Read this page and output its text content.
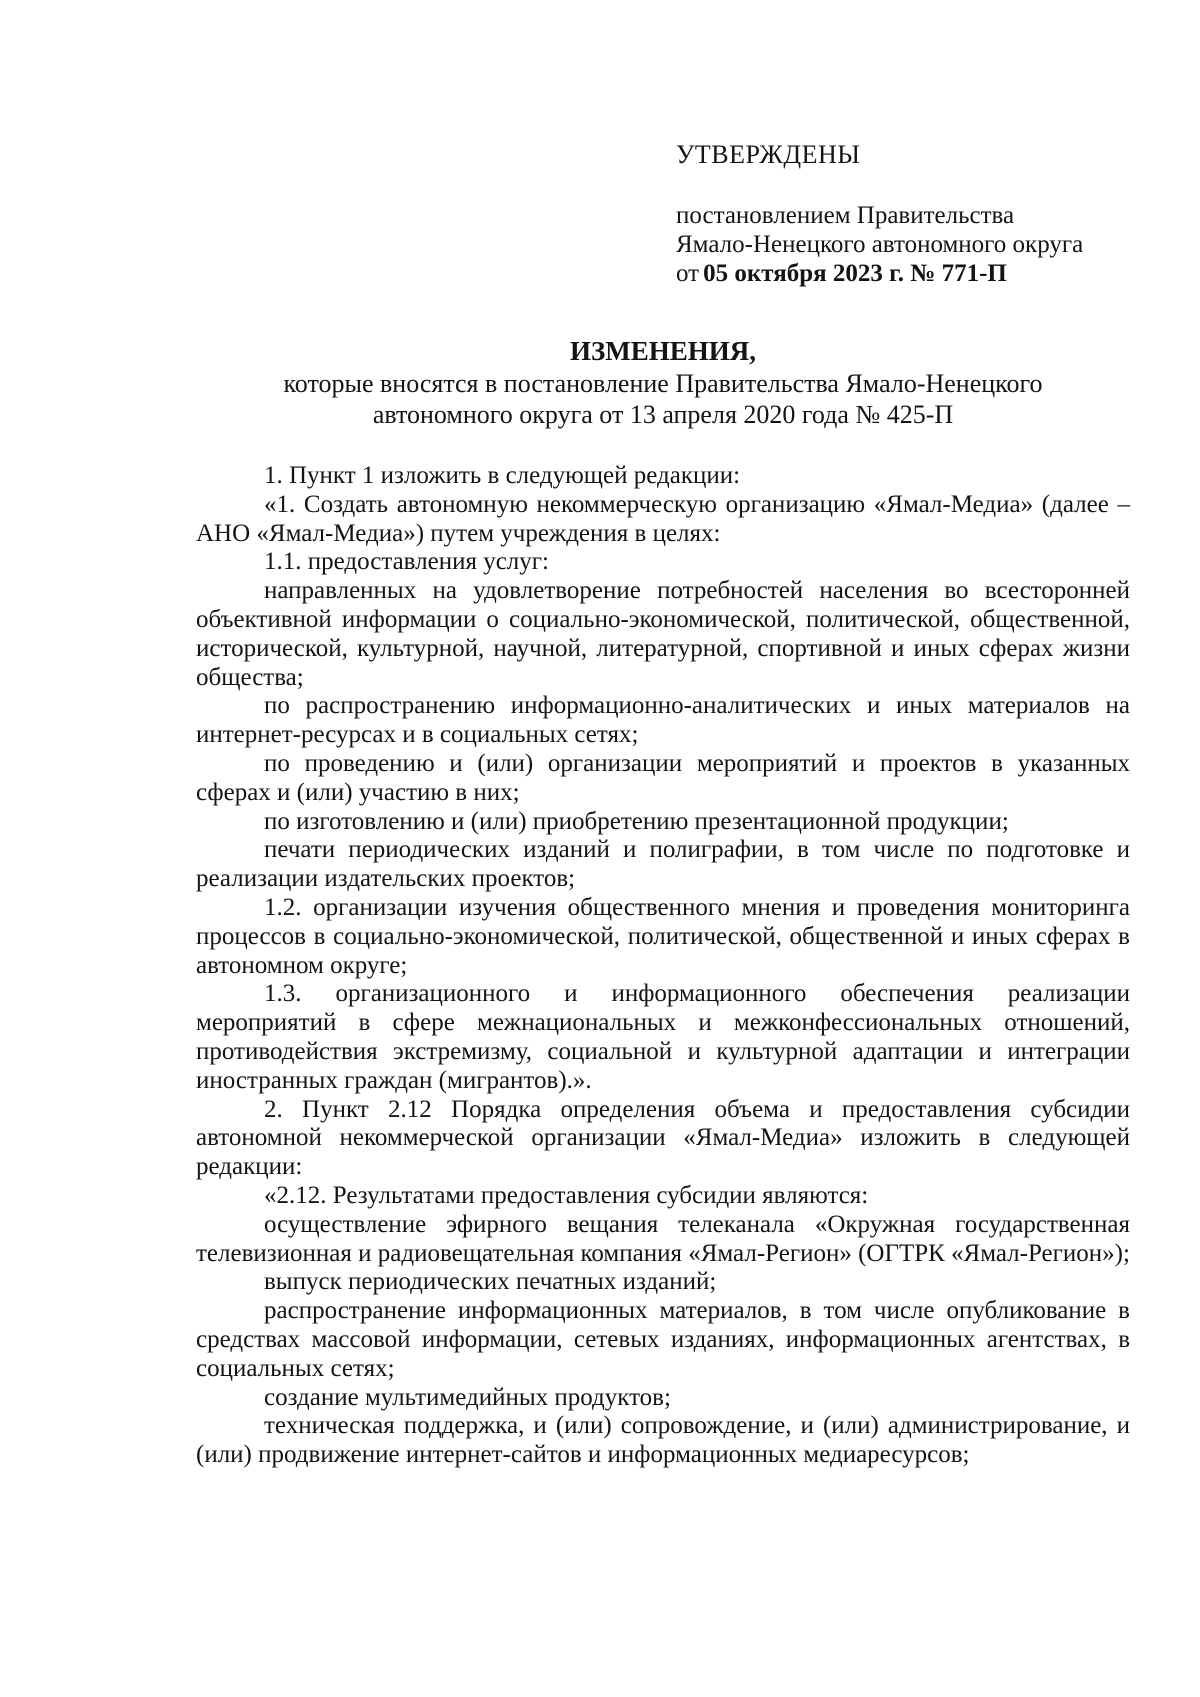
УТВЕРЖДЕНЫ
постановлением Правительства
Ямало-Ненецкого автономного округа
от 05 октября 2023 г. № 771-П
ИЗМЕНЕНИЯ,
которые вносятся в постановление Правительства Ямало-Ненецкого
автономного округа от 13 апреля 2020 года № 425-П

1. Пункт 1 изложить в следующей редакции:

«1. Создать автономную некоммерческую организацию «Ямал-Медиа» (далее – АНО «Ямал-Медиа») путем учреждения в целях:

1.1. предоставления услуг:

направленных на удовлетворение потребностей населения во всесторонней объективной информации о социально-экономической, политической, общественной, исторической, культурной, научной, литературной, спортивной и иных сферах жизни общества;

по распространению информационно-аналитических и иных материалов на интернет-ресурсах и в социальных сетях;

по проведению и (или) организации мероприятий и проектов в указанных сферах и (или) участию в них;

по изготовлению и (или) приобретению презентационной продукции;

печати периодических изданий и полиграфии, в том числе по подготовке и реализации издательских проектов;

1.2. организации изучения общественного мнения и проведения мониторинга процессов в социально-экономической, политической, общественной и иных сферах в автономном округе;

1.3. организационного и информационного обеспечения реализации мероприятий в сфере межнациональных и межконфессиональных отношений, противодействия экстремизму, социальной и культурной адаптации и интеграции иностранных граждан (мигрантов).».

2. Пункт 2.12 Порядка определения объема и предоставления субсидии автономной некоммерческой организации «Ямал-Медиа» изложить в следующей редакции:

«2.12. Результатами предоставления субсидии являются:

осуществление эфирного вещания телеканала «Окружная государственная телевизионная и радиовещательная компания «Ямал-Регион» (ОГТРК «Ямал-Регион»);

выпуск периодических печатных изданий;

распространение информационных материалов, в том числе опубликование в средствах массовой информации, сетевых изданиях, информационных агентствах, в социальных сетях;

создание мультимедийных продуктов;

техническая поддержка, и (или) сопровождение, и (или) администрирование, и (или) продвижение интернет-сайтов и информационных медиаресурсов;
